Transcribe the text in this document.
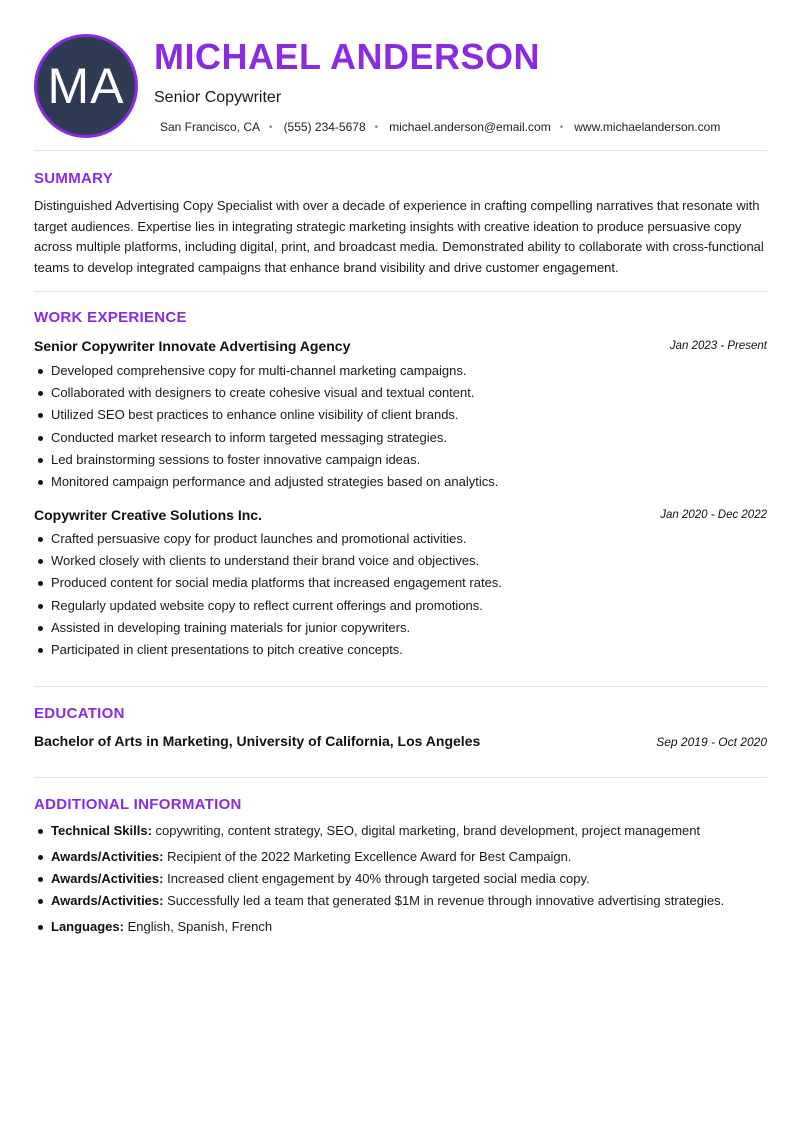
MA
MICHAEL ANDERSON
Senior Copywriter
San Francisco, CA • (555) 234-5678 • michael.anderson@email.com • www.michaelanderson.com
SUMMARY
Distinguished Advertising Copy Specialist with over a decade of experience in crafting compelling narratives that resonate with target audiences. Expertise lies in integrating strategic marketing insights with creative ideation to produce persuasive copy across multiple platforms, including digital, print, and broadcast media. Demonstrated ability to collaborate with cross-functional teams to develop integrated campaigns that enhance brand visibility and drive customer engagement.
WORK EXPERIENCE
Senior Copywriter Innovate Advertising Agency	Jan 2023 - Present
Developed comprehensive copy for multi-channel marketing campaigns.
Collaborated with designers to create cohesive visual and textual content.
Utilized SEO best practices to enhance online visibility of client brands.
Conducted market research to inform targeted messaging strategies.
Led brainstorming sessions to foster innovative campaign ideas.
Monitored campaign performance and adjusted strategies based on analytics.
Copywriter Creative Solutions Inc.	Jan 2020 - Dec 2022
Crafted persuasive copy for product launches and promotional activities.
Worked closely with clients to understand their brand voice and objectives.
Produced content for social media platforms that increased engagement rates.
Regularly updated website copy to reflect current offerings and promotions.
Assisted in developing training materials for junior copywriters.
Participated in client presentations to pitch creative concepts.
EDUCATION
Bachelor of Arts in Marketing, University of California, Los Angeles	Sep 2019 - Oct 2020
ADDITIONAL INFORMATION
Technical Skills: copywriting, content strategy, SEO, digital marketing, brand development, project management
Awards/Activities: Recipient of the 2022 Marketing Excellence Award for Best Campaign.
Awards/Activities: Increased client engagement by 40% through targeted social media copy.
Awards/Activities: Successfully led a team that generated $1M in revenue through innovative advertising strategies.
Languages: English, Spanish, French
